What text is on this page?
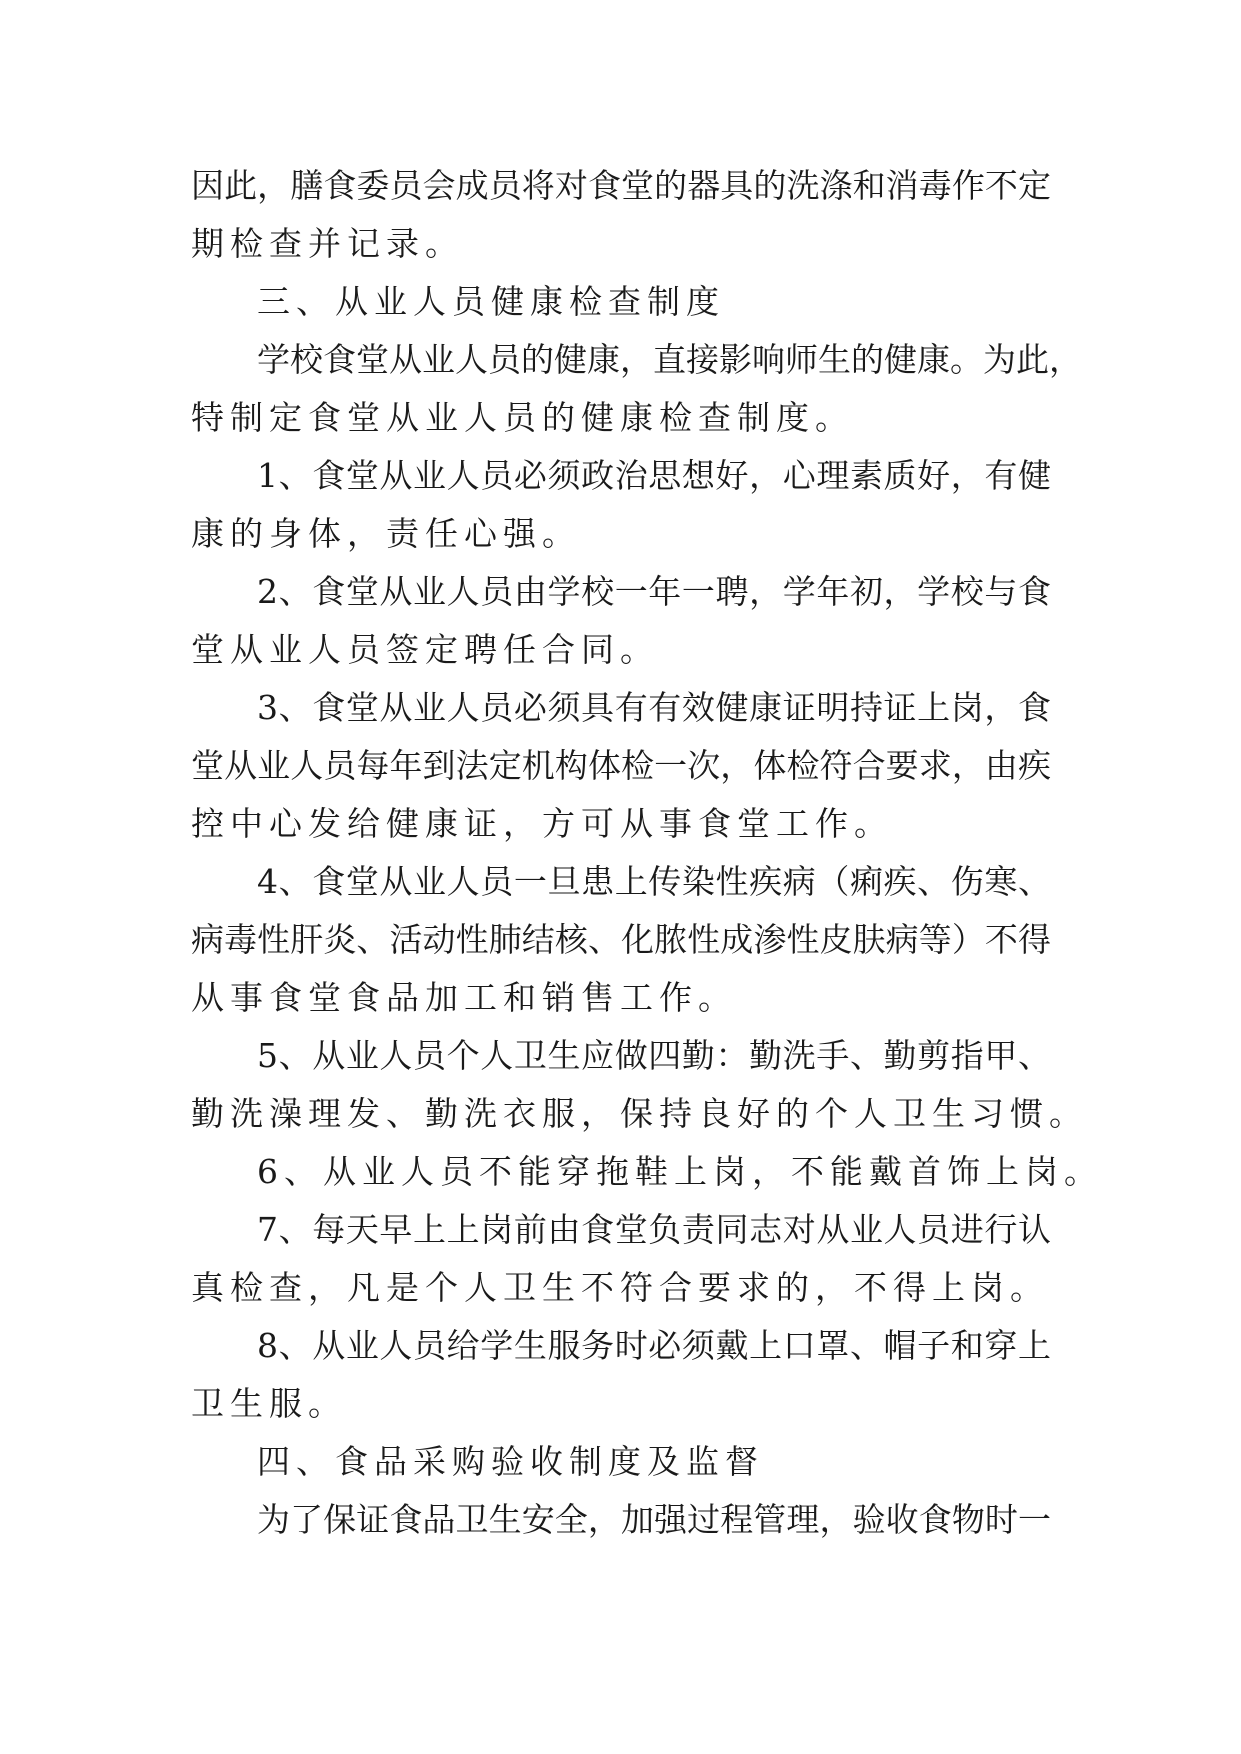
因此，膳食委员会成员将对食堂的器具的洗涤和消毒作不定
期检查并记录。
三、从业人员健康检查制度
学校食堂从业人员的健康，直接影响师生的健康。为此，
特制定食堂从业人员的健康检查制度。
1、食堂从业人员必须政治思想好，心理素质好，有健
康的身体，责任心强。
2、食堂从业人员由学校一年一聘，学年初，学校与食
堂从业人员签定聘任合同。
3、食堂从业人员必须具有有效健康证明持证上岗，食
堂从业人员每年到法定机构体检一次，体检符合要求，由疾
控中心发给健康证，方可从事食堂工作。
4、食堂从业人员一旦患上传染性疾病（痢疾、伤寒、
病毒性肝炎、活动性肺结核、化脓性成渗性皮肤病等）不得
从事食堂食品加工和销售工作。
5、从业人员个人卫生应做四勤：勤洗手、勤剪指甲、
勤洗澡理发、勤洗衣服，保持良好的个人卫生习惯。
6、从业人员不能穿拖鞋上岗，不能戴首饰上岗。
7、每天早上上岗前由食堂负责同志对从业人员进行认
真检查，凡是个人卫生不符合要求的，不得上岗。
8、从业人员给学生服务时必须戴上口罩、帽子和穿上
卫生服。
四、食品采购验收制度及监督
为了保证食品卫生安全，加强过程管理，验收食物时一
